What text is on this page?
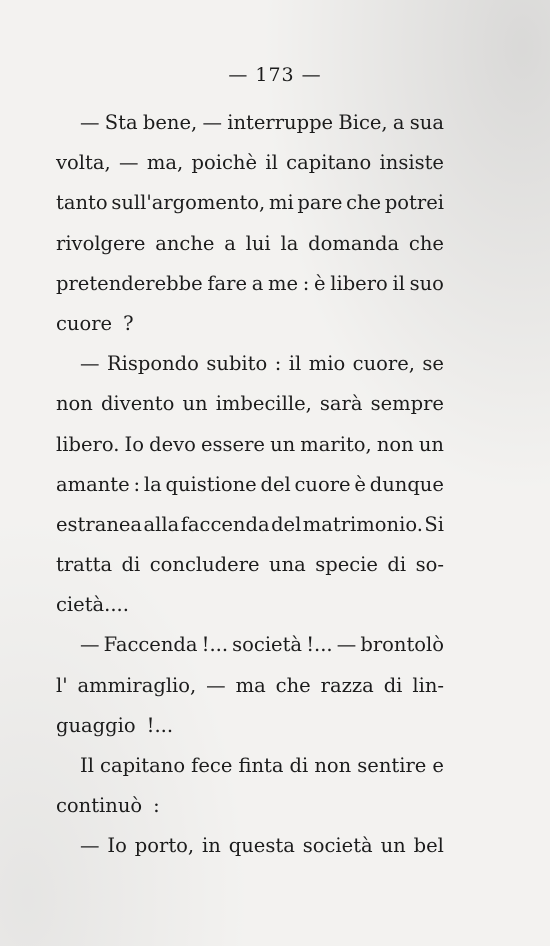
— 173 —
— Sta bene, — interruppe Bice, a sua
volta, — ma, poichè il capitano insiste
tanto sull'argomento, mi pare che potrei
rivolgere anche a lui la domanda che
pretenderebbe fare a me : è libero il suo
cuore ?
— Rispondo subito : il mio cuore, se
non divento un imbecille, sarà sempre
libero. Io devo essere un marito, non un
amante : la quistione del cuore è dunque
estranea alla faccenda del matrimonio. Si
tratta di concludere una specie di so-
cietà....
— Faccenda !... società !... — brontolò
l' ammiraglio, — ma che razza di lin-
guaggio !...
Il capitano fece finta di non sentire e
continuò :
— Io porto, in questa società un bel
